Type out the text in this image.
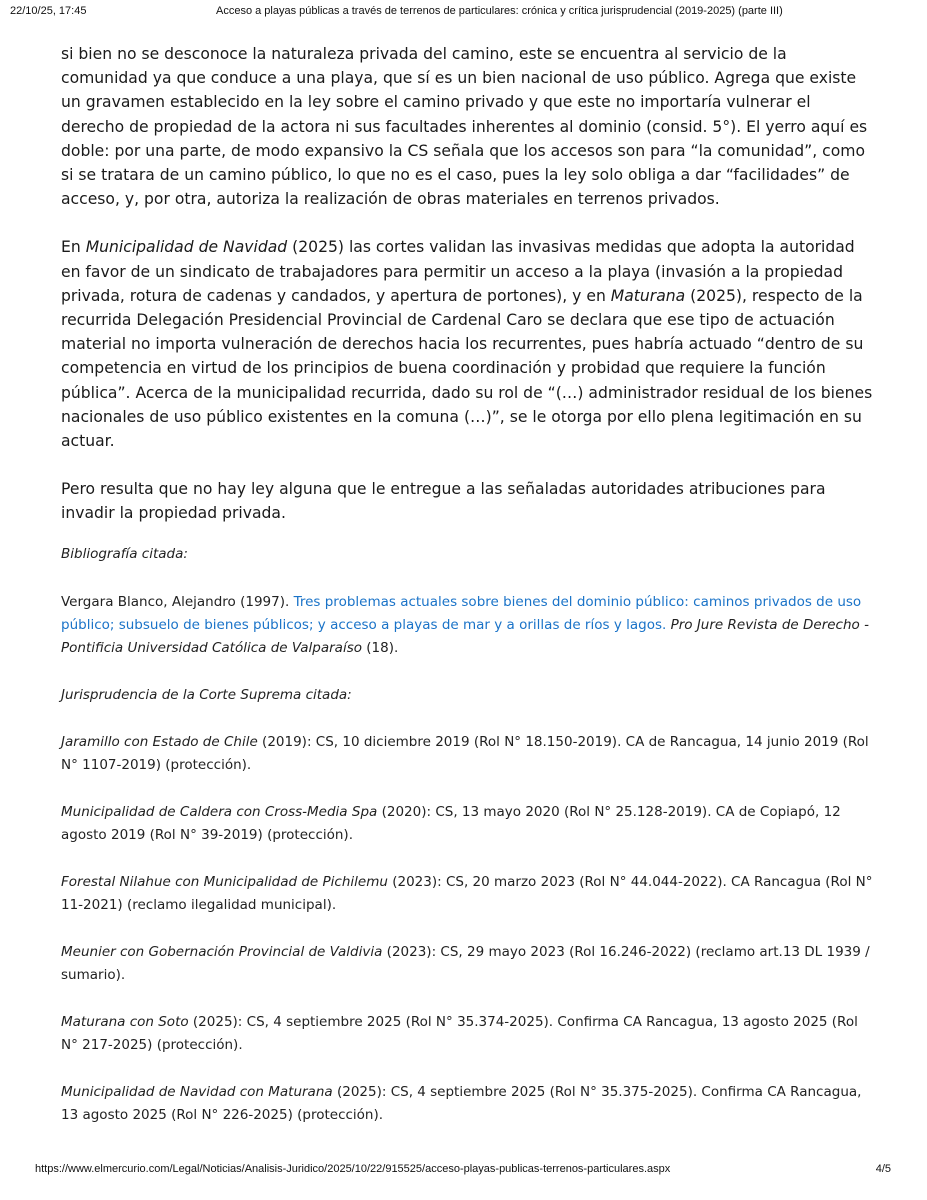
22/10/25, 17:45	Acceso a playas públicas a través de terrenos de particulares: crónica y crítica jurisprudencial (2019-2025) (parte III)

si bien no se desconoce la naturaleza privada del camino, este se encuentra al servicio de la comunidad ya que conduce a una playa, que sí es un bien nacional de uso público. Agrega que existe un gravamen establecido en la ley sobre el camino privado y que este no importaría vulnerar el derecho de propiedad de la actora ni sus facultades inherentes al dominio (consid. 5°). El yerro aquí es doble: por una parte, de modo expansivo la CS señala que los accesos son para “la comunidad”, como si se tratara de un camino público, lo que no es el caso, pues la ley solo obliga a dar “facilidades” de acceso, y, por otra, autoriza la realización de obras materiales en terrenos privados.

En Municipalidad de Navidad (2025) las cortes validan las invasivas medidas que adopta la autoridad en favor de un sindicato de trabajadores para permitir un acceso a la playa (invasión a la propiedad privada, rotura de cadenas y candados, y apertura de portones), y en Maturana (2025), respecto de la recurrida Delegación Presidencial Provincial de Cardenal Caro se declara que ese tipo de actuación material no importa vulneración de derechos hacia los recurrentes, pues habría actuado “dentro de su competencia en virtud de los principios de buena coordinación y probidad que requiere la función pública”. Acerca de la municipalidad recurrida, dado su rol de “(…) administrador residual de los bienes nacionales de uso público existentes en la comuna (…)”, se le otorga por ello plena legitimación en su actuar.

Pero resulta que no hay ley alguna que le entregue a las señaladas autoridades atribuciones para invadir la propiedad privada.

Bibliografía citada:

Vergara Blanco, Alejandro (1997). Tres problemas actuales sobre bienes del dominio público: caminos privados de uso público; subsuelo de bienes públicos; y acceso a playas de mar y a orillas de ríos y lagos. Pro Jure Revista de Derecho - Pontificia Universidad Católica de Valparaíso (18).

Jurisprudencia de la Corte Suprema citada:

Jaramillo con Estado de Chile (2019): CS, 10 diciembre 2019 (Rol N° 18.150-2019). CA de Rancagua, 14 junio 2019 (Rol N° 1107-2019) (protección).

Municipalidad de Caldera con Cross-Media Spa (2020): CS, 13 mayo 2020 (Rol N° 25.128-2019). CA de Copiapó, 12 agosto 2019 (Rol N° 39-2019) (protección).

Forestal Nilahue con Municipalidad de Pichilemu (2023): CS, 20 marzo 2023 (Rol N° 44.044-2022). CA Rancagua (Rol N° 11-2021) (reclamo ilegalidad municipal).

Meunier con Gobernación Provincial de Valdivia (2023): CS, 29 mayo 2023 (Rol 16.246-2022) (reclamo art.13 DL 1939 / sumario).

Maturana con Soto (2025): CS, 4 septiembre 2025 (Rol N° 35.374-2025). Confirma CA Rancagua, 13 agosto 2025 (Rol N° 217-2025) (protección).

Municipalidad de Navidad con Maturana (2025): CS, 4 septiembre 2025 (Rol N° 35.375-2025). Confirma CA Rancagua, 13 agosto 2025 (Rol N° 226-2025) (protección).

https://www.elmercurio.com/Legal/Noticias/Analisis-Juridico/2025/10/22/915525/acceso-playas-publicas-terrenos-particulares.aspx	4/5
